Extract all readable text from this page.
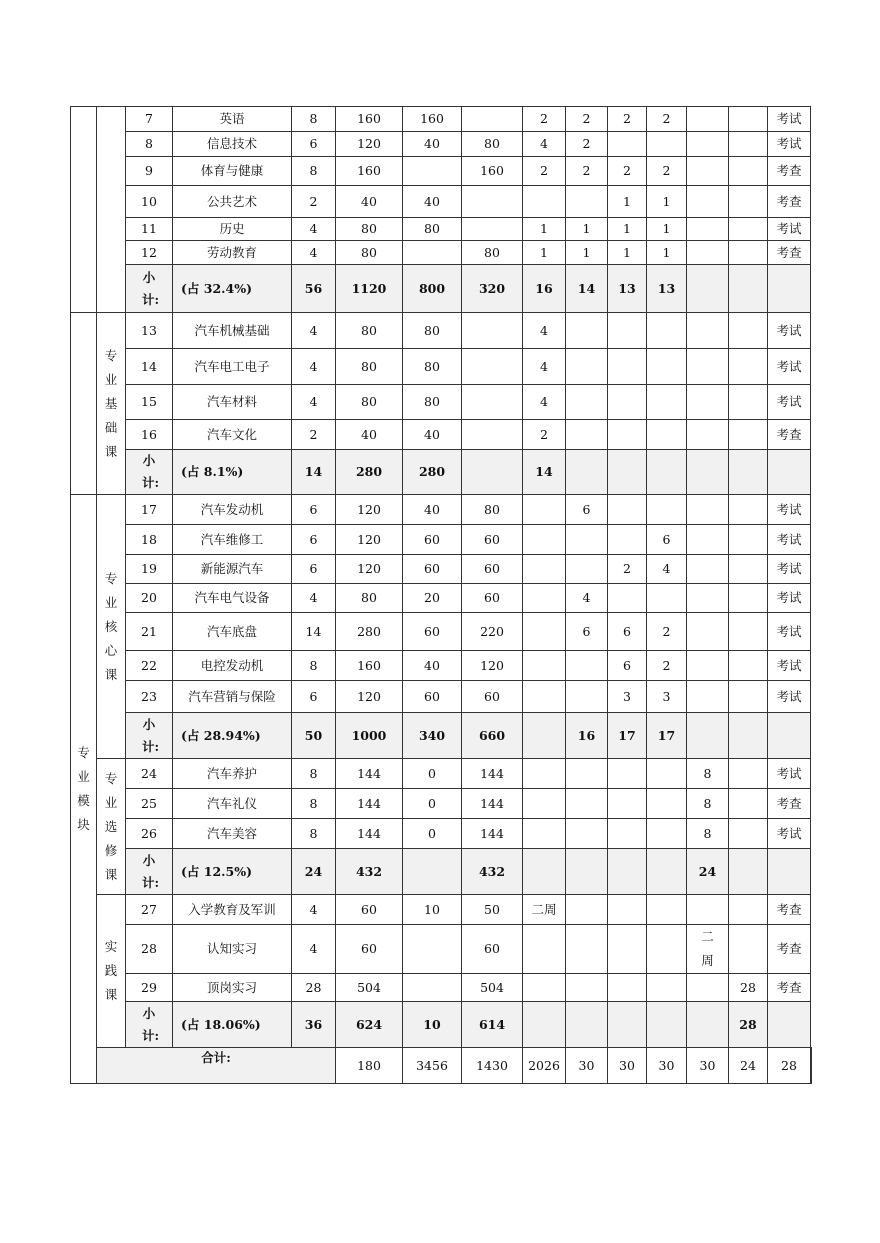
		7	英语	8	160	160		2	2	2	2			考试	
		8	信息技术	6	120	40	80	4	2					考试	
		9	体育与健康	8	160		160	2	2	2	2			考查	
		10	公共艺术	2	40	40				1	1			考查	
		11	历史	4	80	80		1	1	1	1			考试	
		12	劳动教育	4	80		80	1	1	1	1			考查	
		小计:	(占 32.4%)	56	1120	800	320	16	14	13	13				
	专业基础课	13	汽车机械基础	4	80	80		4						考试	
		14	汽车电工电子	4	80	80		4						考试	
		15	汽车材料	4	80	80		4						考试	
		16	汽车文化	2	40	40		2						考查	
		小计:	(占 8.1%)	14	280	280		14							
专业模块	专业核心课	17	汽车发动机	6	120	40	80		6					考试	
		18	汽车维修工	6	120	60	60				6			考试	
		19	新能源汽车	6	120	60	60			2	4			考试	
		20	汽车电气设备	4	80	20	60		4					考试	
		21	汽车底盘	14	280	60	220		6	6	2			考试	
		22	电控发动机	8	160	40	120			6	2			考试	
		23	汽车营销与保险	6	120	60	60			3	3			考试	
		小计:	(占 28.94%)	50	1000	340	660		16	17	17				
	专业选修课	24	汽车养护	8	144	0	144					8		考试	
		25	汽车礼仪	8	144	0	144					8		考查	
		26	汽车美容	8	144	0	144					8		考试	
		小计:	(占 12.5%)	24	432		432					24			
	实践课	27	入学教育及军训	4	60	10	50	二周						考查	
		28	认知实习	4	60		60					二周		考查	
		29	顶岗实习	28	504		504						28	考查	
		小计:	(占 18.06%)	36	624	10	614						28		
	合计:				180	3456	1430	2026	30	30	30	30	24	28	
